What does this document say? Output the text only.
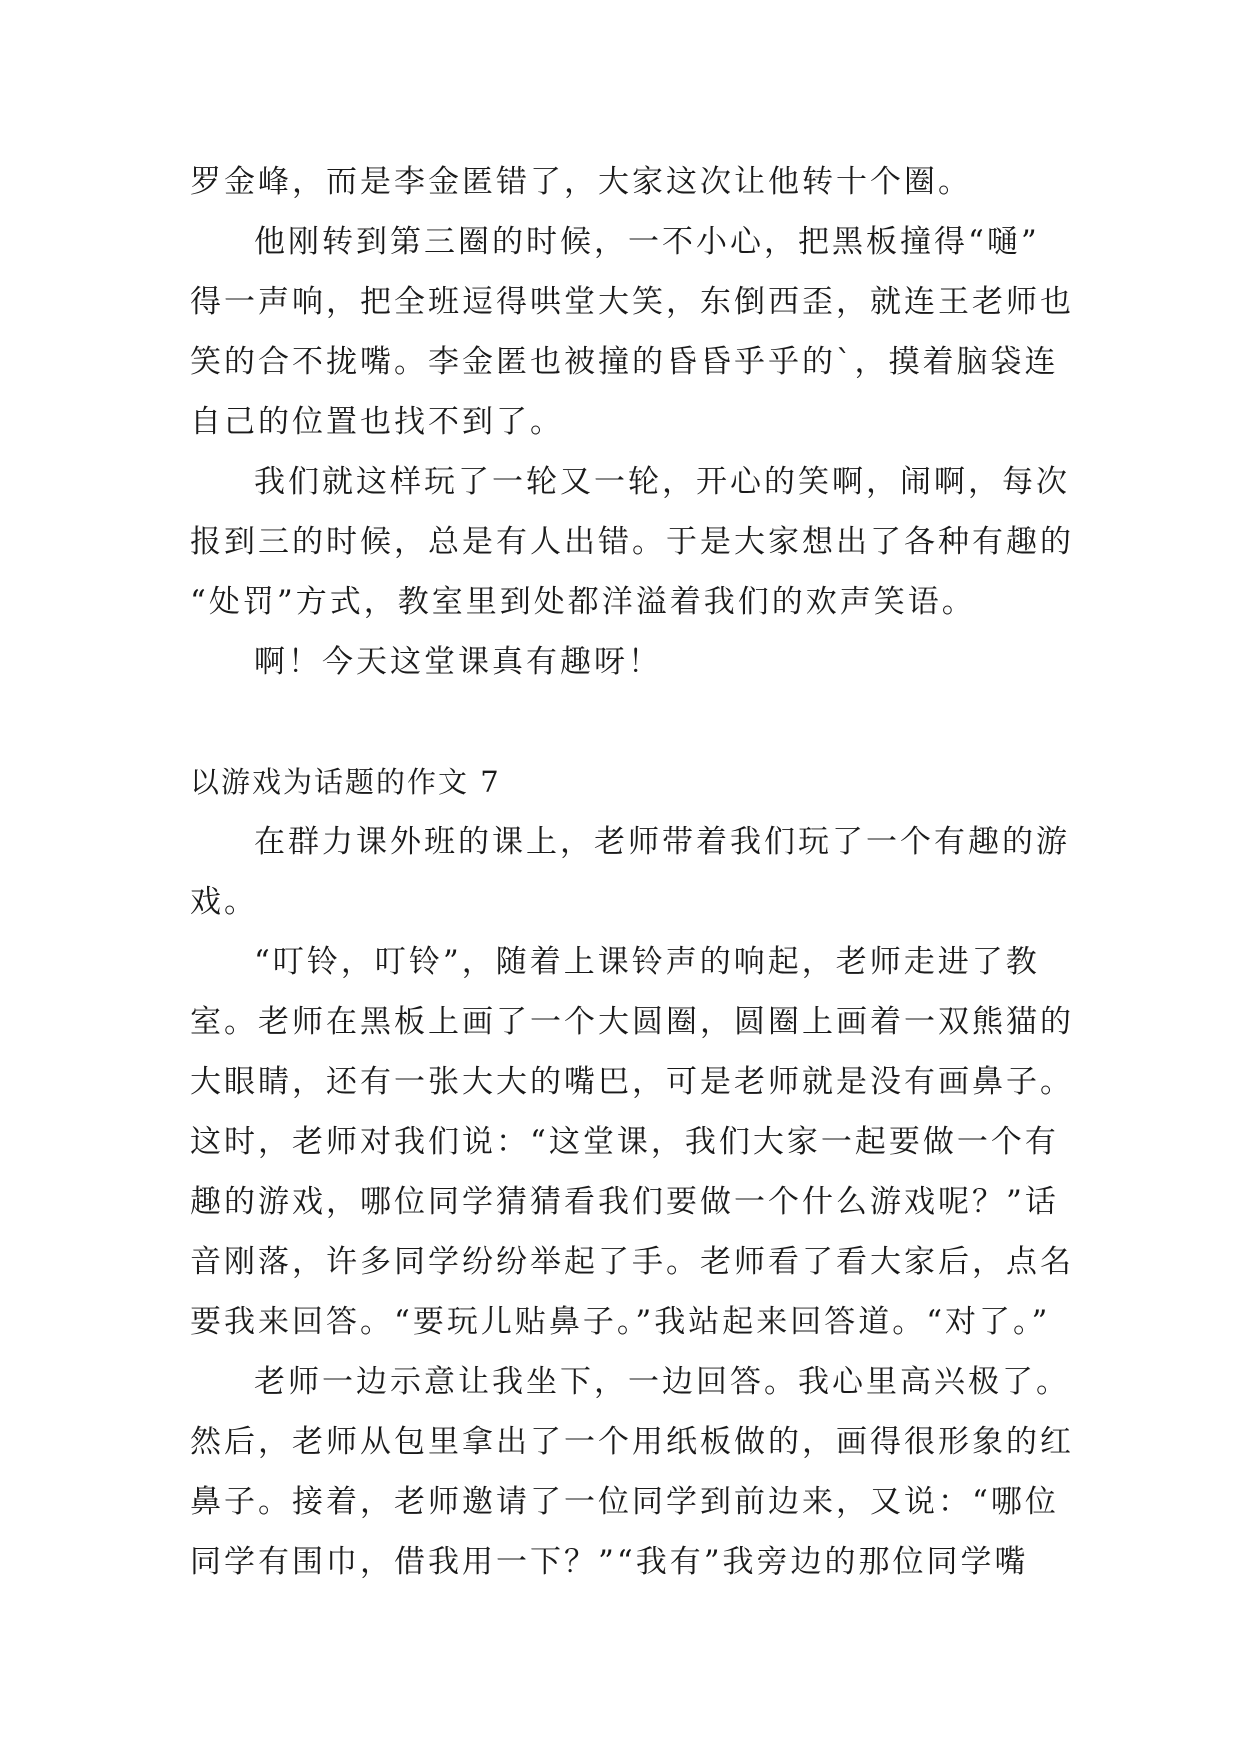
罗金峰，而是李金匿错了，大家这次让他转十个圈。
他刚转到第三圈的时候，一不小心，把黑板撞得“嗵”
得一声响，把全班逗得哄堂大笑，东倒西歪，就连王老师也
笑的合不拢嘴。李金匿也被撞的昏昏乎乎的`，摸着脑袋连
自己的位置也找不到了。
我们就这样玩了一轮又一轮，开心的笑啊，闹啊，每次
报到三的时候，总是有人出错。于是大家想出了各种有趣的
“处罚”方式，教室里到处都洋溢着我们的欢声笑语。
啊！今天这堂课真有趣呀！
以游戏为话题的作文 7
在群力课外班的课上，老师带着我们玩了一个有趣的游
戏。
“叮铃，叮铃”，随着上课铃声的响起，老师走进了教
室。老师在黑板上画了一个大圆圈，圆圈上画着一双熊猫的
大眼睛，还有一张大大的嘴巴，可是老师就是没有画鼻子。
这时，老师对我们说：“这堂课，我们大家一起要做一个有
趣的游戏，哪位同学猜猜看我们要做一个什么游戏呢？”话
音刚落，许多同学纷纷举起了手。老师看了看大家后，点名
要我来回答。“要玩儿贴鼻子。”我站起来回答道。“对了。”
老师一边示意让我坐下，一边回答。我心里高兴极了。
然后，老师从包里拿出了一个用纸板做的，画得很形象的红
鼻子。接着，老师邀请了一位同学到前边来，又说：“哪位
同学有围巾，借我用一下？”“我有”我旁边的那位同学嘴
